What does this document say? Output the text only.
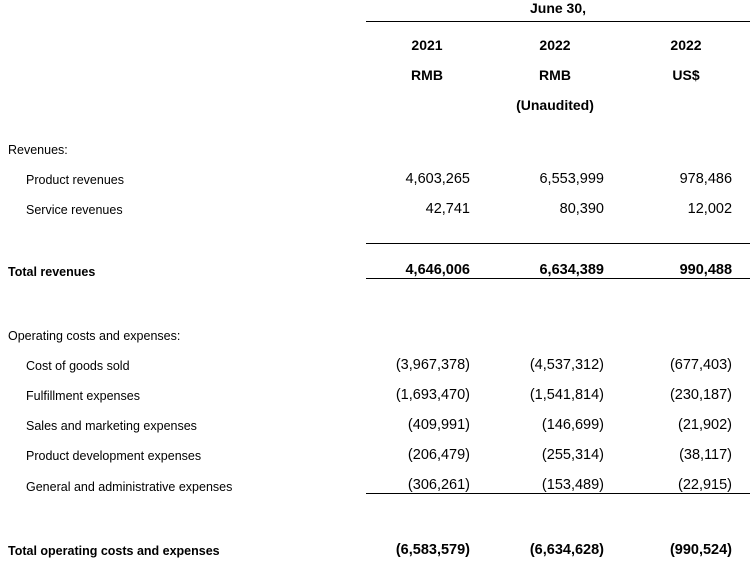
	June 30,		
	2021	2022	2022
	RMB	RMB	US$
		(Unaudited)	

Revenues:			
Product revenues	4,603,265	6,553,999	978,486
Service revenues	42,741	80,390	12,002

Total revenues	4,646,006	6,634,389	990,488

Operating costs and expenses:			
Cost of goods sold	(3,967,378)	(4,537,312)	(677,403)
Fulfillment expenses	(1,693,470)	(1,541,814)	(230,187)
Sales and marketing expenses	(409,991)	(146,699)	(21,902)
Product development expenses	(206,479)	(255,314)	(38,117)
General and administrative expenses	(306,261)	(153,489)	(22,915)

Total operating costs and expenses	(6,583,579)	(6,634,628)	(990,524)
